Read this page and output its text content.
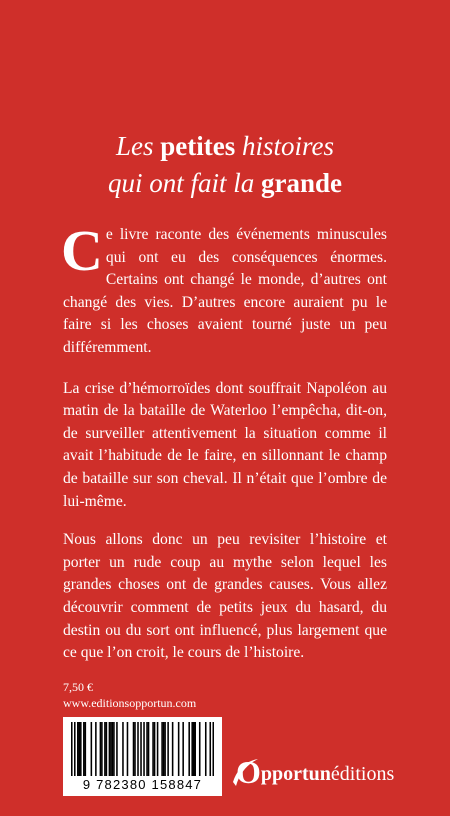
Les petites histoires
qui ont fait la grande

Ce livre raconte des événements minuscules qui ont eu des conséquences énormes. Certains ont changé le monde, d’autres ont changé des vies. D’autres encore auraient pu le faire si les choses avaient tourné juste un peu différemment.

La crise d’hémorroïdes dont souffrait Napoléon au matin de la bataille de Waterloo l’empêcha, dit-on, de surveiller attentivement la situation comme il avait l’habitude de le faire, en sillonnant le champ de bataille sur son cheval. Il n’était que l’ombre de lui-même.

Nous allons donc un peu revisiter l’histoire et porter un rude coup au mythe selon lequel les grandes choses ont de grandes causes. Vous allez découvrir comment de petits jeux du hasard, du destin ou du sort ont influencé, plus largement que ce que l’on croit, le cours de l’histoire.

7,50 €
www.editionsopportun.com
9 782380 158847	Opportunéditions
